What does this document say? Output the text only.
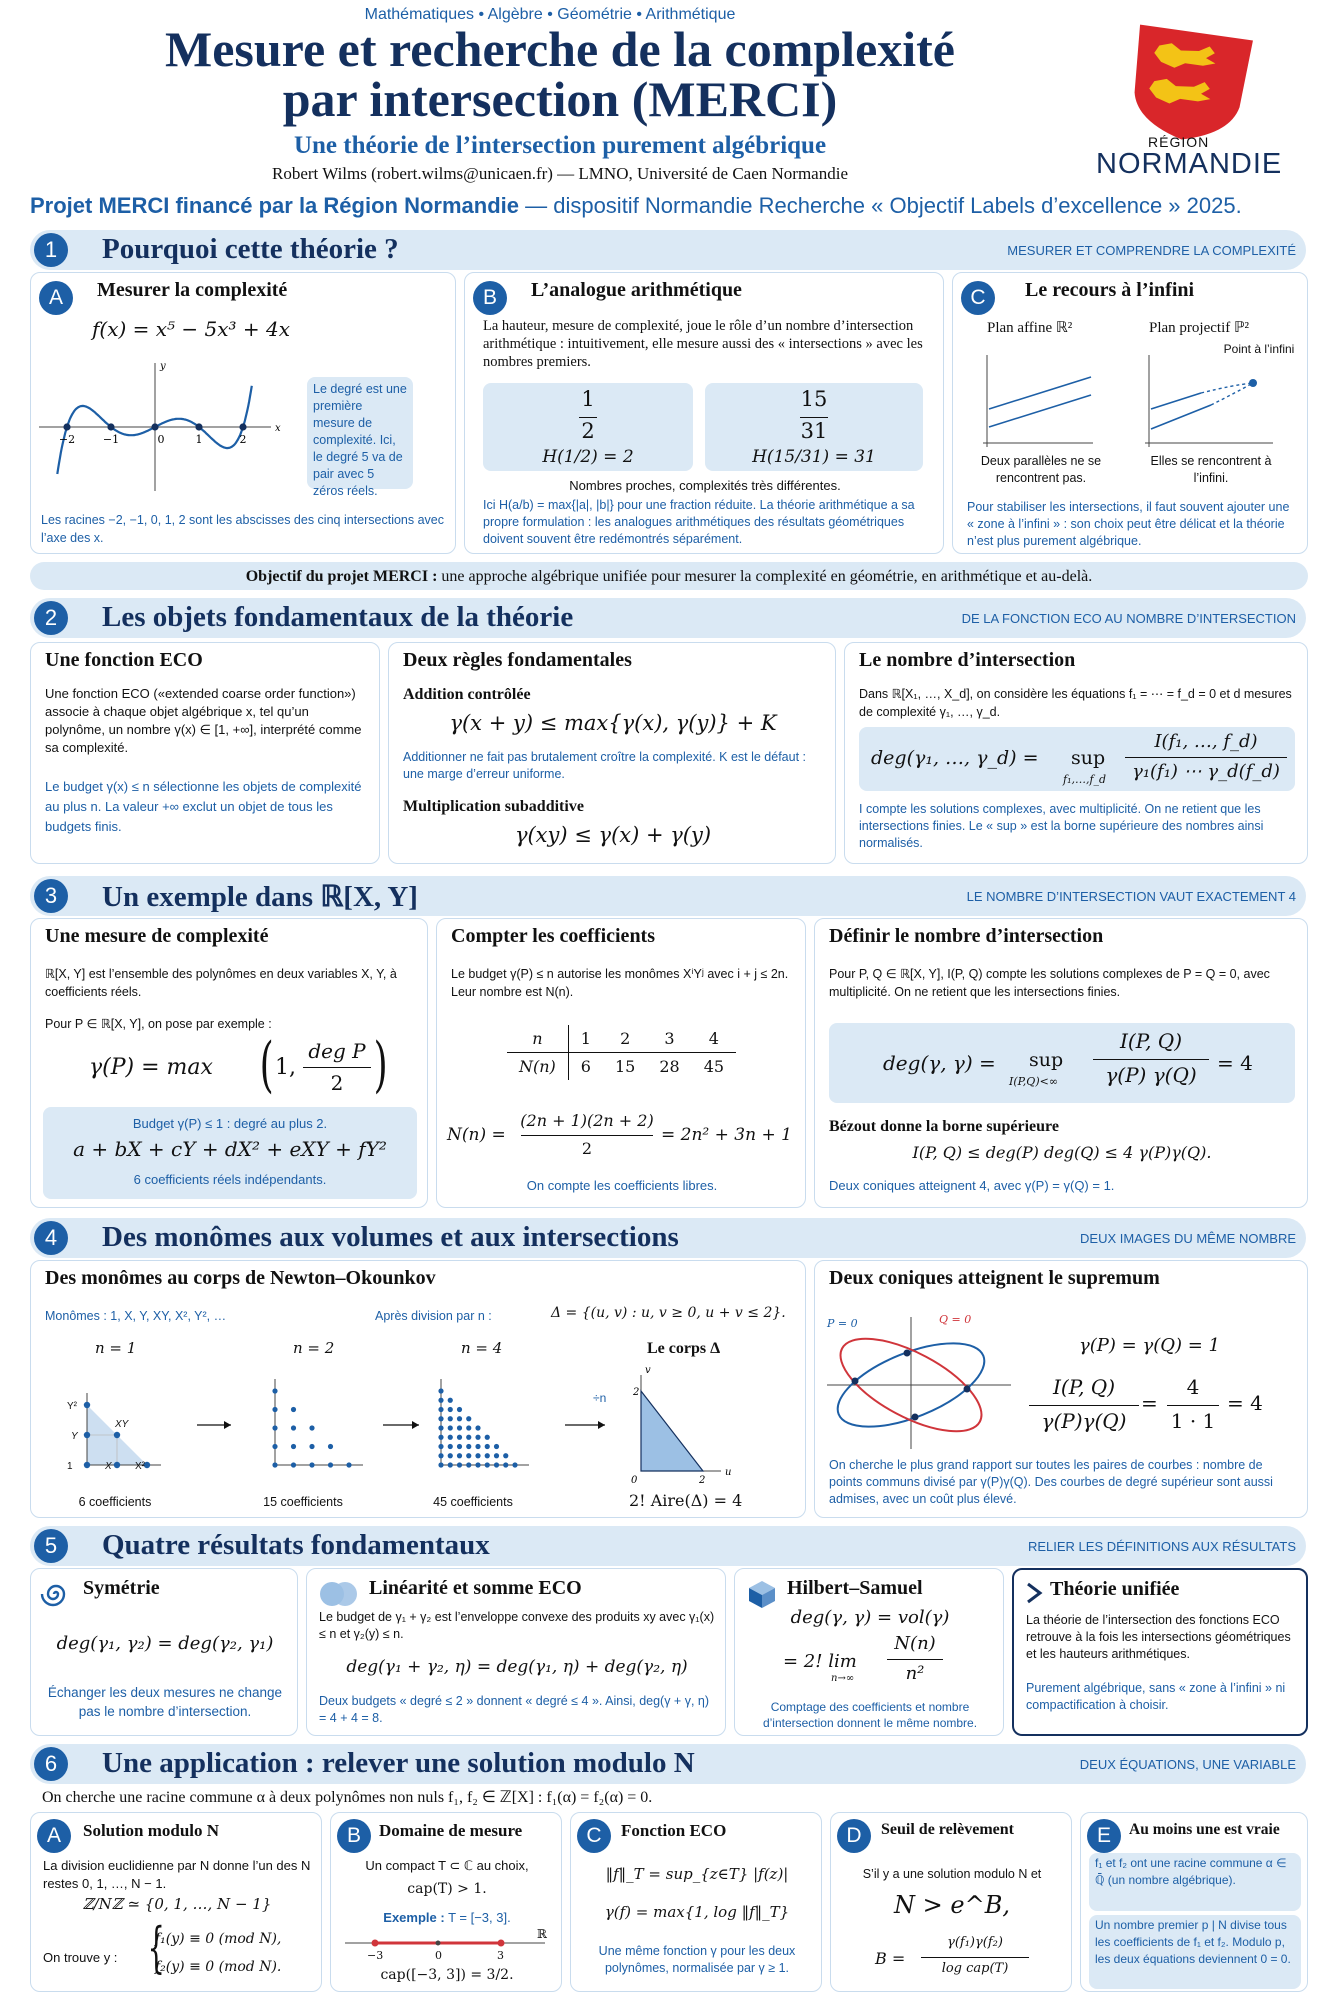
Mathématiques • Algèbre • Géométrie • Arithmétique
Mesure et recherche de la complexité
par intersection (MERCI)
Une théorie de l’intersection purement algébrique
Robert Wilms (robert.wilms@unicaen.fr) — LMNO, Université de Caen Normandie
Projet MERCI financé par la Région Normandie — dispositif Normandie Recherche « Objectif Labels d’excellence » 2025.
RÉGION
NORMANDIE
1	Pourquoi cette théorie ?	MESURER ET COMPRENDRE LA COMPLEXITÉ
A	Mesurer la complexité
f(x) = x⁵ − 5x³ + 4x
−2	−1	0	1	2
x
y
Le degré est une première mesure de complexité. Ici, le degré 5 va de pair avec 5 zéros réels.
Les racines −2, −1, 0, 1, 2 sont les abscisses des cinq intersections avec l’axe des x.
B	L’analogue arithmétique
La hauteur, mesure de complexité, joue le rôle d’un nombre d’intersection arithmétique : intuitivement, elle mesure aussi des « intersections » avec les nombres premiers.
1
2
H(1/2) = 2
15
31
H(15/31) = 31
Nombres proches, complexités très différentes.
Ici H(a/b) = max{|a|, |b|} pour une fraction réduite. La théorie arithmétique a sa propre formulation : les analogues arithmétiques des résultats géométriques doivent souvent être redémontrés séparément.
C	Le recours à l’infini
Plan affine ℝ²	Plan projectif ℙ²
Point à l’infini
Deux parallèles ne se rencontrent pas.
Elles se rencontrent à l’infini.
Pour stabiliser les intersections, il faut souvent ajouter une « zone à l’infini » : son choix peut être délicat et la théorie n’est plus purement algébrique.
Objectif du projet MERCI : une approche algébrique unifiée pour mesurer la complexité en géométrie, en arithmétique et au-delà.
2	Les objets fondamentaux de la théorie	DE LA FONCTION ECO AU NOMBRE D’INTERSECTION
Une fonction ECO
Une fonction ECO («extended coarse order function») associe à chaque objet algébrique x, tel qu’un polynôme, un nombre γ(x) ∈ [1, +∞], interprété comme sa complexité.
Le budget γ(x) ≤ n sélectionne les objets de complexité au plus n. La valeur +∞ exclut un objet de tous les budgets finis.
Deux règles fondamentales
Addition contrôlée
γ(x + y) ≤ max{γ(x), γ(y)} + K
Additionner ne fait pas brutalement croître la complexité. K est le défaut : une marge d’erreur uniforme.
Multiplication subadditive
γ(xy) ≤ γ(x) + γ(y)
Le nombre d’intersection
Dans ℝ[X₁, …, X_d], on considère les équations f₁ = ⋯ = f_d = 0 et d mesures de complexité γ₁, …, γ_d.
deg(γ₁, …, γ_d) = sup
f₁,…,f_d
I(f₁, …, f_d)
γ₁(f₁) ⋯ γ_d(f_d)
I compte les solutions complexes, avec multiplicité. On ne retient que les intersections finies. Le « sup » est la borne supérieure des nombres ainsi normalisés.
3	Un exemple dans ℝ[X, Y]	LE NOMBRE D’INTERSECTION VAUT EXACTEMENT 4
Une mesure de complexité
ℝ[X, Y] est l’ensemble des polynômes en deux variables X, Y, à coefficients réels.
Pour P ∈ ℝ[X, Y], on pose par exemple :
γ(P) = max ( 1,
deg P
2 )
Budget γ(P) ≤ 1 : degré au plus 2.
a + bX + cY + dX² + eXY + fY²
6 coefficients réels indépendants.
Compter les coefficients
Le budget γ(P) ≤ n autorise les monômes XⁱYʲ avec i + j ≤ 2n. Leur nombre est N(n).
n	1	2	3	4
N(n)	6	15	28	45
N(n) =
(2n + 1)(2n + 2)
2
= 2n² + 3n + 1
On compte les coefficients libres.
Définir le nombre d’intersection
Pour P, Q ∈ ℝ[X, Y], I(P, Q) compte les solutions complexes de P = Q = 0, avec multiplicité. On ne retient que les intersections finies.
deg(γ, γ) = sup
I(P,Q)<∞
I(P, Q)
γ(P) γ(Q)	= 4
Bézout donne la borne supérieure
I(P, Q) ≤ deg(P) deg(Q) ≤ 4 γ(P)γ(Q).
Deux coniques atteignent 4, avec γ(P) = γ(Q) = 1.
4	Des monômes aux volumes et aux intersections	DEUX IMAGES DU MÊME NOMBRE
Des monômes au corps de Newton–Okounkov
Monômes : 1, X, Y, XY, X², Y², …	Après division par n :	Δ = {(u, v) : u, v ≥ 0, u + v ≤ 2}.
n = 1	n = 2	n = 4	Le corps Δ
2
2
0
u
v
Y²
XY
Y
1	X X²
÷n
6 coefficients	15 coefficients	45 coefficients	2! Aire(Δ) = 4
Deux coniques atteignent le supremum
P = 0	Q = 0
γ(P) = γ(Q) = 1
I(P, Q)
γ(P)γ(Q)
=
4
1 · 1
= 4
On cherche le plus grand rapport sur toutes les paires de courbes : nombre de points communs divisé par γ(P)γ(Q). Des courbes de degré supérieur sont aussi admises, avec un coût plus élevé.
5	Quatre résultats fondamentaux	RELIER LES DÉFINITIONS AUX RÉSULTATS
Symétrie
deg(γ₁, γ₂) = deg(γ₂, γ₁)
Échanger les deux mesures ne change pas le nombre d’intersection.
Linéarité et somme ECO
Le budget de γ₁ + γ₂ est l’enveloppe convexe des produits xy avec γ₁(x) ≤ n et γ₂(y) ≤ n.
deg(γ₁ + γ₂, η) = deg(γ₁, η) + deg(γ₂, η)
Deux budgets « degré ≤ 2 » donnent « degré ≤ 4 ». Ainsi, deg(γ + γ, η) = 4 + 4 = 8.
Hilbert–Samuel
deg(γ, γ) = vol(γ)
= 2! lim
n→∞
N(n)
n²
Comptage des coefficients et nombre d’intersection donnent le même nombre.
Théorie unifiée
La théorie de l’intersection des fonctions ECO retrouve à la fois les intersections géométriques et les hauteurs arithmétiques.
Purement algébrique, sans « zone à l’infini » ni compactification à choisir.
6	Une application : relever une solution modulo N	DEUX ÉQUATIONS, UNE VARIABLE
On cherche une racine commune α à deux polynômes non nuls f₁, f₂ ∈ ℤ[X] : f₁(α) = f₂(α) = 0.
A	Solution modulo N
La division euclidienne par N donne l’un des N restes 0, 1, …, N − 1.
ℤ/Nℤ ≃ {0, 1, …, N − 1}
On trouve y : {
f₁(y) ≡ 0 (mod N),
f₂(y) ≡ 0 (mod N).
B	Domaine de mesure
Un compact T ⊂ ℂ au choix,
cap(T) > 1.
Exemple : T = [−3, 3].
−3	0	3
ℝ
cap([−3, 3]) = 3/2.
C	Fonction ECO
‖f‖_T = sup_{z∈T} |f(z)|
γ(f) = max{1, log ‖f‖_T}
Une même fonction γ pour les deux polynômes, normalisée par γ ≥ 1.
D	Seuil de relèvement
S’il y a une solution modulo N et
N > e^B,
B =
γ(f₁)γ(f₂)
log cap(T)
E	Au moins une est vraie
f₁ et f₂ ont une racine commune α ∈ ℚ̄ (un nombre algébrique).
Un nombre premier p | N divise tous les coefficients de f₁ et f₂. Modulo p, les deux équations deviennent 0 = 0.
